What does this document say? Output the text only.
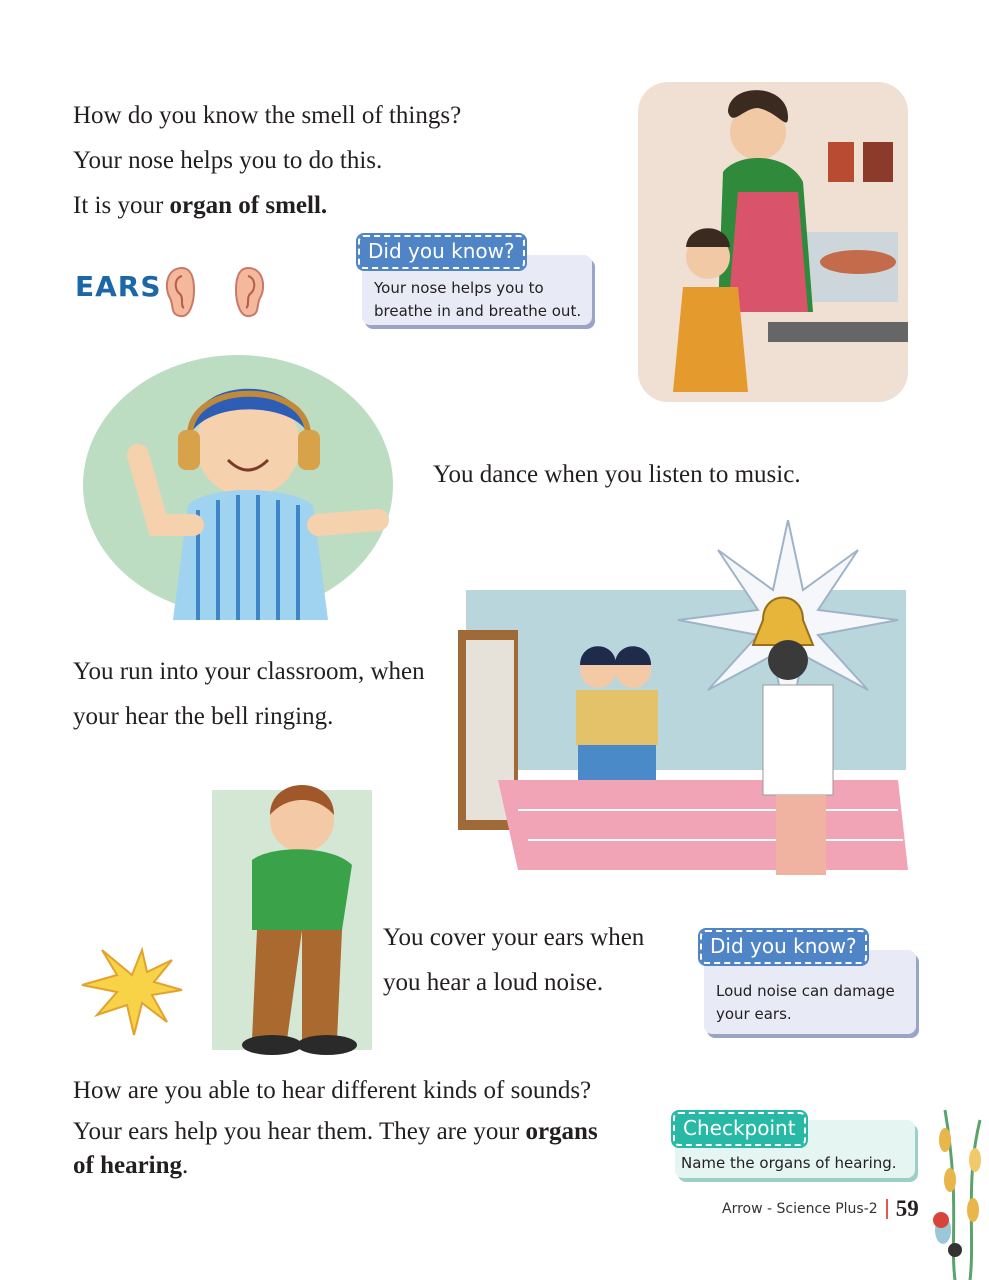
How do you know the smell of things?
Your nose helps you to do this.
It is your organ of smell.
EARS
Did you know?
Your nose helps you to
breathe in and breathe out.
You dance when you listen to music.
You run into your classroom, when
your hear the bell ringing.
You cover your ears when
you hear a loud noise.
Did you know?
Loud noise can damage
your ears.
How are you able to hear different kinds of sounds?
Your ears help you hear them. They are your organs
of hearing.
Checkpoint
Name the organs of hearing.
Arrow - Science Plus-2 59
